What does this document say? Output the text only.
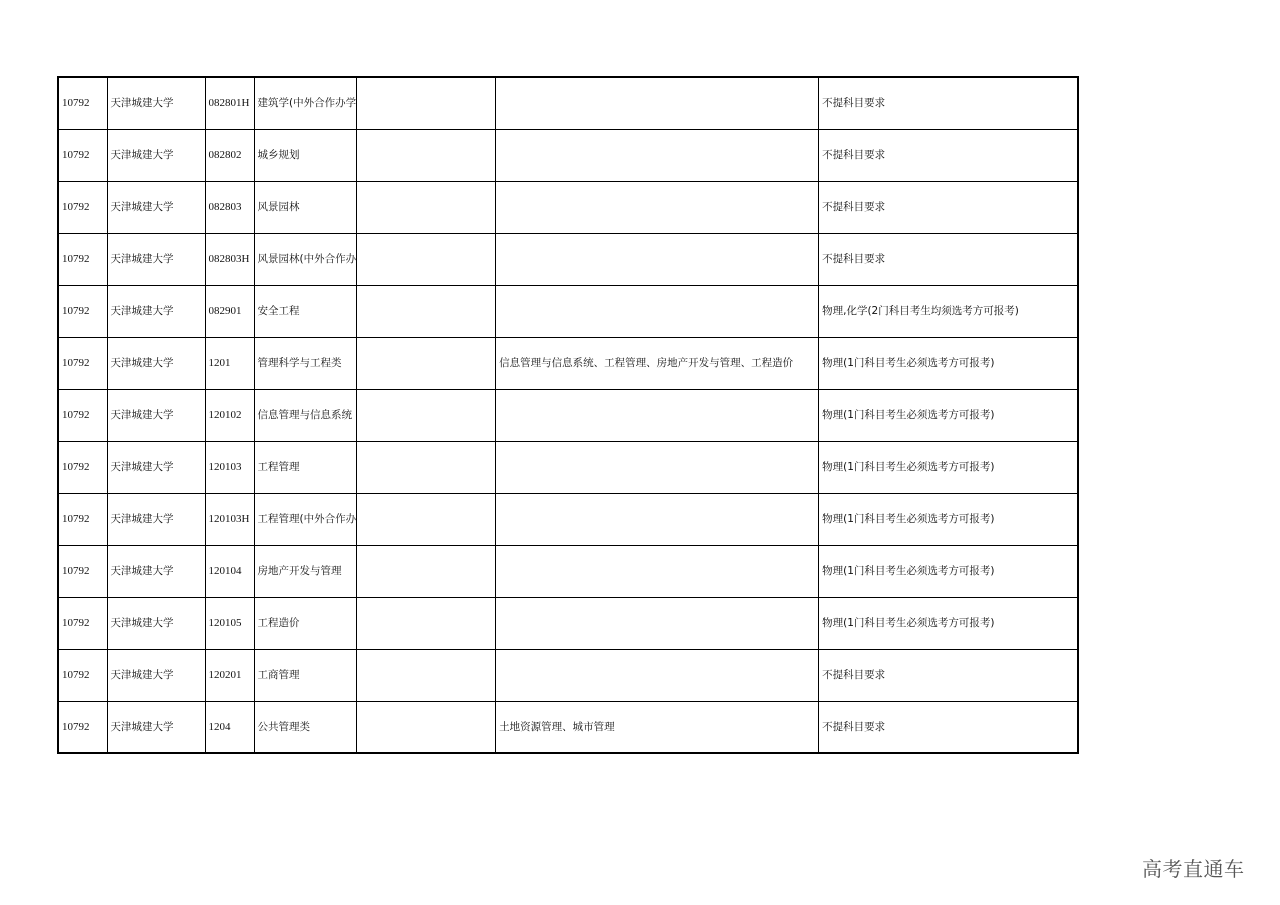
10792	天津城建大学	082801H	建筑学(中外合作办学			不提科目要求
10792	天津城建大学	082802	城乡规划			不提科目要求
10792	天津城建大学	082803	风景园林			不提科目要求
10792	天津城建大学	082803H	风景园林(中外合作办			不提科目要求
10792	天津城建大学	082901	安全工程			物理,化学(2门科目考生均须选考方可报考)
10792	天津城建大学	1201	管理科学与工程类		信息管理与信息系统、工程管理、房地产开发与管理、工程造价	物理(1门科目考生必须选考方可报考)
10792	天津城建大学	120102	信息管理与信息系统			物理(1门科目考生必须选考方可报考)
10792	天津城建大学	120103	工程管理			物理(1门科目考生必须选考方可报考)
10792	天津城建大学	120103H	工程管理(中外合作办			物理(1门科目考生必须选考方可报考)
10792	天津城建大学	120104	房地产开发与管理			物理(1门科目考生必须选考方可报考)
10792	天津城建大学	120105	工程造价			物理(1门科目考生必须选考方可报考)
10792	天津城建大学	120201	工商管理			不提科目要求
10792	天津城建大学	1204	公共管理类		土地资源管理、城市管理	不提科目要求
高考直通车
